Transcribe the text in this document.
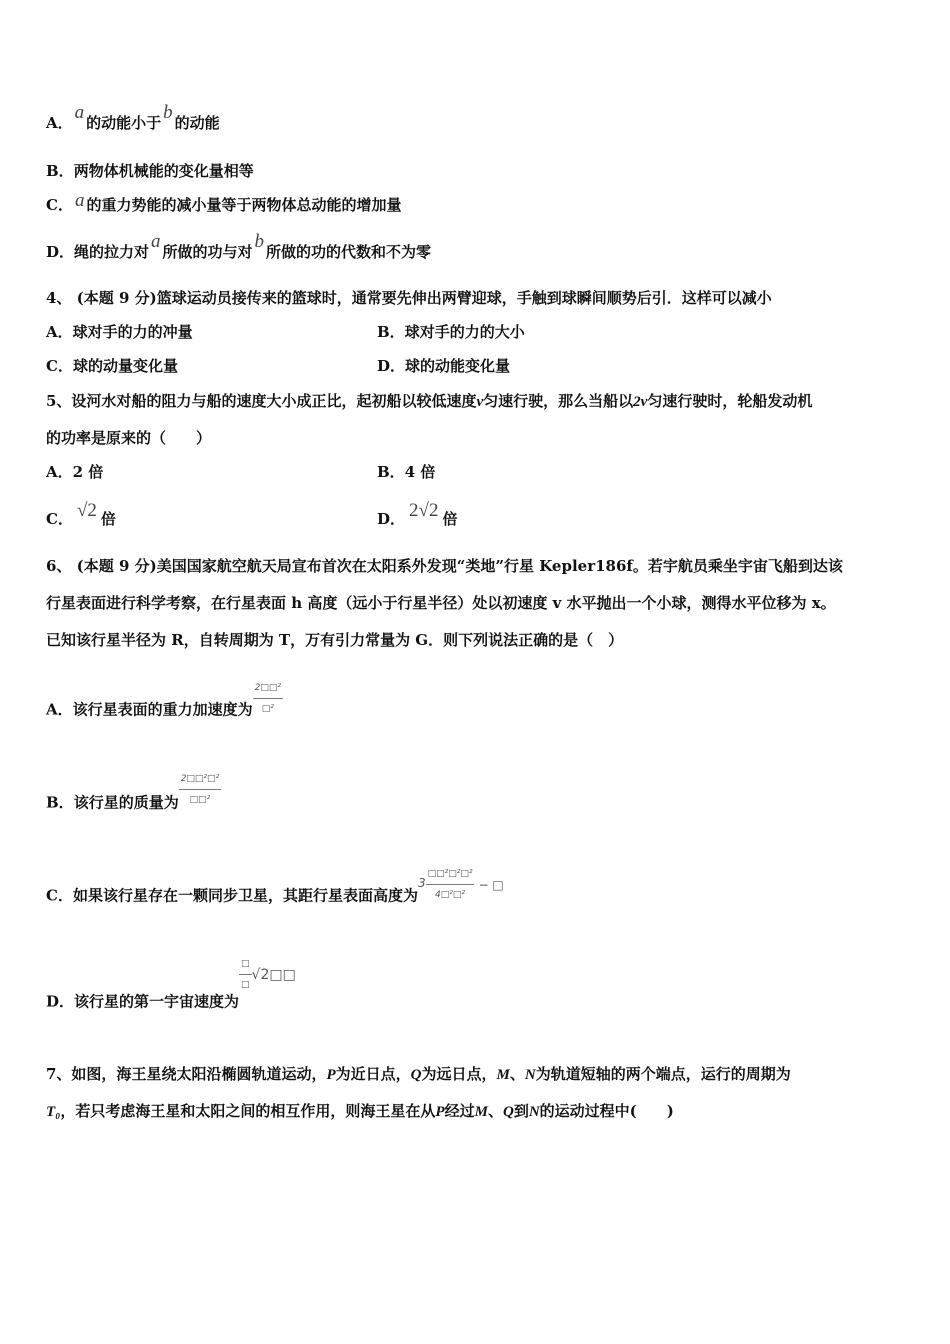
A． a 的动能小于 b 的动能
B．两物体机械能的变化量相等
C． a 的重力势能的减小量等于两物体总动能的增加量
D．绳的拉力对 a 所做的功与对 b 所做的功的代数和不为零
4、 (本题 9 分)篮球运动员接传来的篮球时，通常要先伸出两臂迎球，手触到球瞬间顺势后引．这样可以减小
A．球对手的力的冲量	B．球对手的力的大小
C．球的动量变化量	D．球的动能变化量
5、设河水对船的阻力与船的速度大小成正比，起初船以较低速度v匀速行驶，那么当船以2v匀速行驶时，轮船发动机
的功率是原来的（　　）
A．2 倍	B．4 倍
C． √2 倍	D． 2√2 倍
6、 (本题 9 分)美国国家航空航天局宣布首次在太阳系外发现“类地”行星 Kepler186f。若宇航员乘坐宇宙飞船到达该
行星表面进行科学考察，在行星表面 h 高度（远小于行星半径）处以初速度 v 水平抛出一个小球，测得水平位移为 x。
已知该行星半径为 R，自转周期为 T，万有引力常量为 G．则下列说法正确的是（　）
A．该行星表面的重力加速度为 $\frac{\text{2□□²}}{\text{□²}}$
B．该行星的质量为 $\frac{\text{2□□²□²}}{\text{□□²}}$
C．如果该行星存在一颗同步卫星，其距行星表面高度为$^3 \frac{\text{□□²□²□²}}{\text{4□²□²}} ^{- □}$
D．该行星的第一宇宙速度为
$\frac{□}{□}$ √2□□
7、如图，海王星绕太阳沿椭圆轨道运动，P为近日点，Q为远日点，M、N为轨道短轴的两个端点，运行的周期为
T₀，若只考虑海王星和太阳之间的相互作用，则海王星在从P经过M、Q到N的运动过程中(　　)
